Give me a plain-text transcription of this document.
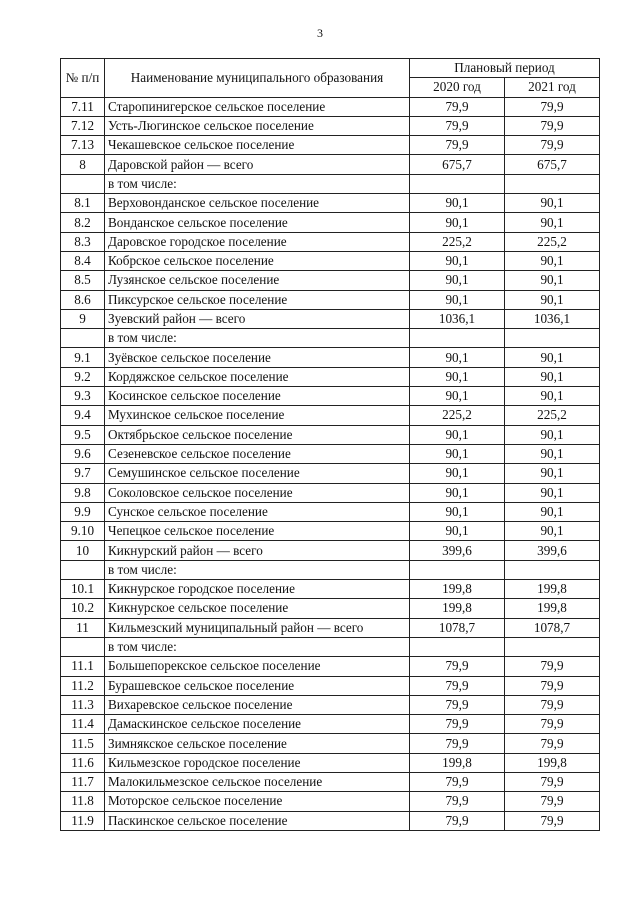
3
№ п/п	Наименование муниципального образования	Плановый период	
		2020 год	2021 год
7.11	Старопинигерское сельское поселение	79,9	79,9
7.12	Усть-Люгинское сельское поселение	79,9	79,9
7.13	Чекашевское сельское поселение	79,9	79,9
8	Даровской район — всего	675,7	675,7
	в том числе:		
8.1	Верховонданское сельское поселение	90,1	90,1
8.2	Вонданское сельское поселение	90,1	90,1
8.3	Даровское городское поселение	225,2	225,2
8.4	Кобрское сельское поселение	90,1	90,1
8.5	Лузянское сельское поселение	90,1	90,1
8.6	Пиксурское сельское поселение	90,1	90,1
9	Зуевский район — всего	1036,1	1036,1
	в том числе:		
9.1	Зуёвское сельское поселение	90,1	90,1
9.2	Кордяжское сельское поселение	90,1	90,1
9.3	Косинское сельское поселение	90,1	90,1
9.4	Мухинское сельское поселение	225,2	225,2
9.5	Октябрьское сельское поселение	90,1	90,1
9.6	Сезеневское сельское поселение	90,1	90,1
9.7	Семушинское сельское поселение	90,1	90,1
9.8	Соколовское сельское поселение	90,1	90,1
9.9	Сунское сельское поселение	90,1	90,1
9.10	Чепецкое сельское поселение	90,1	90,1
10	Кикнурский район — всего	399,6	399,6
	в том числе:		
10.1	Кикнурское городское поселение	199,8	199,8
10.2	Кикнурское сельское поселение	199,8	199,8
11	Кильмезский муниципальный район — всего	1078,7	1078,7
	в том числе:		
11.1	Большепорекское сельское поселение	79,9	79,9
11.2	Бурашевское сельское поселение	79,9	79,9
11.3	Вихаревское сельское поселение	79,9	79,9
11.4	Дамаскинское сельское поселение	79,9	79,9
11.5	Зимнякское сельское поселение	79,9	79,9
11.6	Кильмезское городское поселение	199,8	199,8
11.7	Малокильмезское сельское поселение	79,9	79,9
11.8	Моторское сельское поселение	79,9	79,9
11.9	Паскинское сельское поселение	79,9	79,9
